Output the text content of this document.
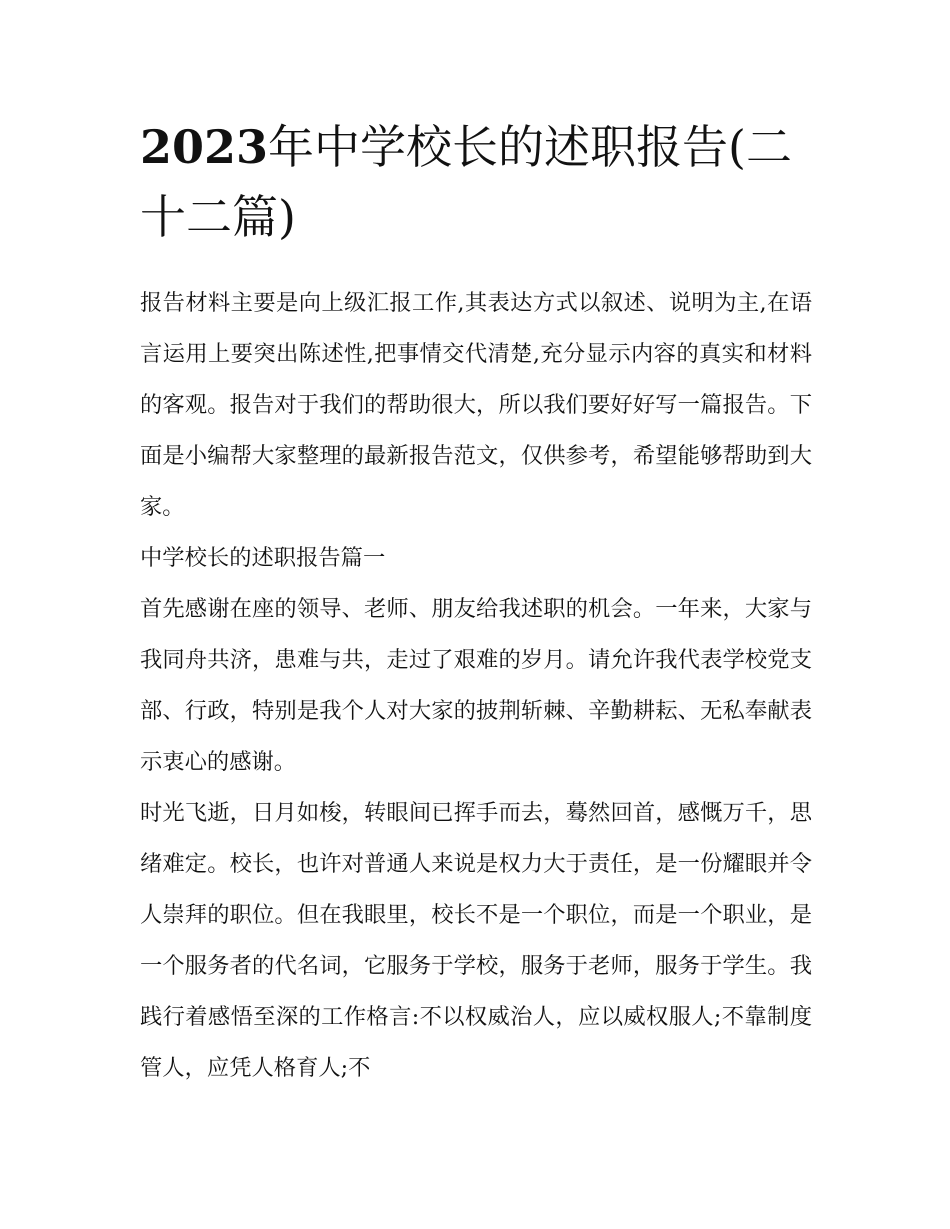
2023年中学校长的述职报告(二十二篇)

报告材料主要是向上级汇报工作,其表达方式以叙述、说明为主,在语言运用上要突出陈述性,把事情交代清楚,充分显示内容的真实和材料的客观。报告对于我们的帮助很大，所以我们要好好写一篇报告。下面是小编帮大家整理的最新报告范文，仅供参考，希望能够帮助到大家。

中学校长的述职报告篇一

首先感谢在座的领导、老师、朋友给我述职的机会。一年来，大家与我同舟共济，患难与共，走过了艰难的岁月。请允许我代表学校党支部、行政，特别是我个人对大家的披荆斩棘、辛勤耕耘、无私奉献表示衷心的感谢。

时光飞逝，日月如梭，转眼间已挥手而去，蓦然回首，感慨万千，思绪难定。校长，也许对普通人来说是权力大于责任，是一份耀眼并令人崇拜的职位。但在我眼里，校长不是一个职位，而是一个职业，是一个服务者的代名词，它服务于学校，服务于老师，服务于学生。我践行着感悟至深的工作格言:不以权威治人，应以威权服人;不靠制度管人，应凭人格育人;不
